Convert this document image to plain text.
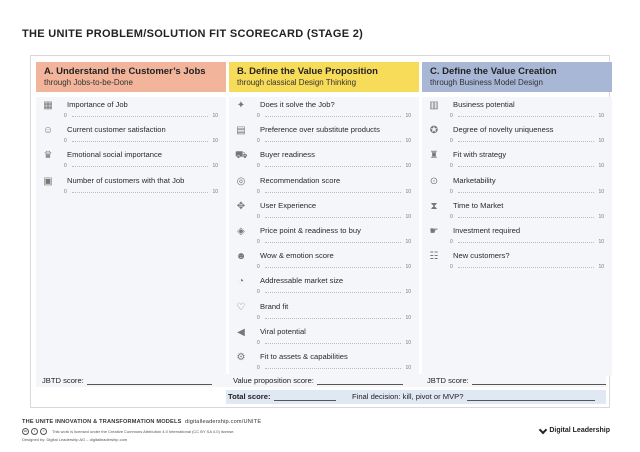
THE UNITE PROBLEM/SOLUTION FIT SCORECARD (STAGE 2)
A. Understand the Customer’s Jobs
through Jobs-to-be-Done
▦ Importance of Job
0	10
☺ Current customer satisfaction
0	10
♛ Emotional social importance
0	10
▣ Number of customers with that Job
0	10
B. Define the Value Proposition
through classical Design Thinking
✦ Does it solve the Job?
0	10
▤ Preference over substitute products
0	10
⛟ Buyer readiness
0	10
◎ Recommendation score
0	10
✥ User Experience
0	10
◈ Price point & readiness to buy
0	10
☻ Wow & emotion score
0	10
◔	Addressable market size
0	10
♡ Brand fit
0	10
◀ Viral potential
0	10
⚙ Fit to assets & capabilities
0	10
C. Define the Value Creation
through Business Model Design
▥ Business potential
0	10
✪ Degree of novelty uniqueness
0	10
♜ Fit with strategy
0	10
⊙ Marketability
0	10
⧗	Time to Market
0	10
☛ Investment required
0	10
☷ New customers?
0	10
JBTD score:	Value proposition score:	JBTD score:
Total score:	Final decision: kill, pivot or MVP?
THE UNITE INNOVATION & TRANSFORMATION MODELS digitalleadership.com/UNITE
cc	i	=	This work is licensed under the Creative Commons Attribution 4.0 International (CC BY SA 4.0) license.
Designed by: Digital Leadership AG – digitalleadership.com
Digital Leadership
